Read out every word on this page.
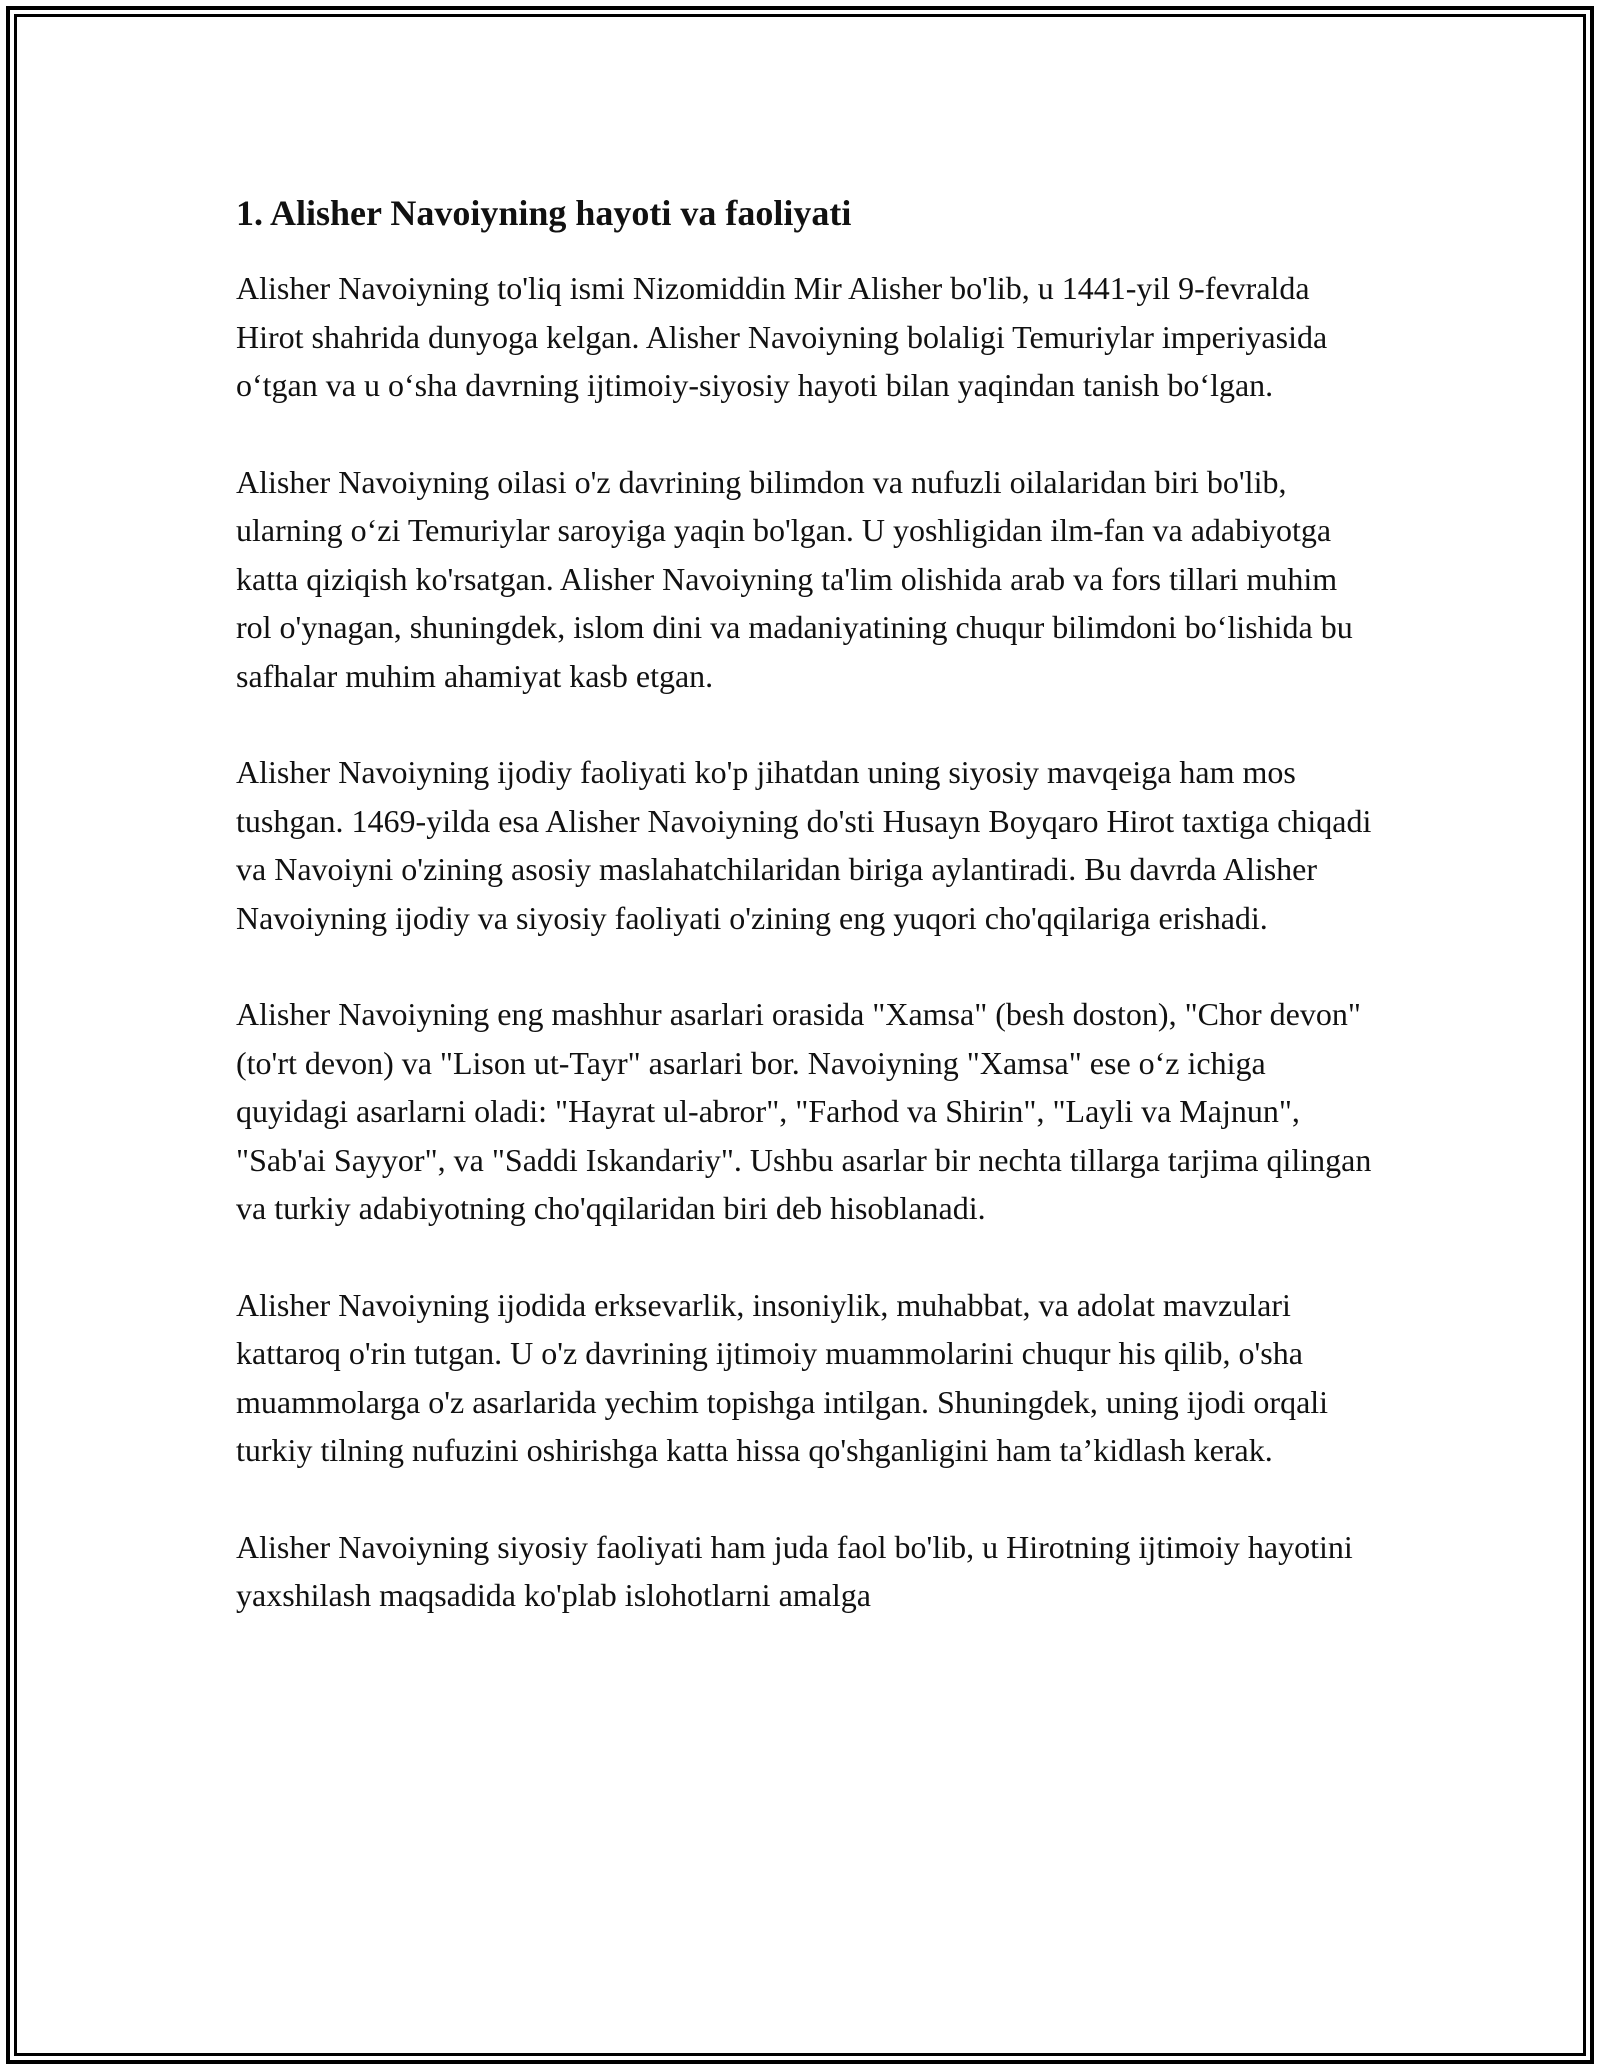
1. Alisher Navoiyning hayoti va faoliyati

Alisher Navoiyning to'liq ismi Nizomiddin Mir Alisher bo'lib, u 1441-yil 9-fevralda Hirot shahrida dunyoga kelgan. Alisher Navoiyning bolaligi Temuriylar imperiyasida o‘tgan va u o‘sha davrning ijtimoiy-siyosiy hayoti bilan yaqindan tanish bo‘lgan.

Alisher Navoiyning oilasi o'z davrining bilimdon va nufuzli oilalaridan biri bo'lib, ularning o‘zi Temuriylar saroyiga yaqin bo'lgan. U yoshligidan ilm-fan va adabiyotga katta qiziqish ko'rsatgan. Alisher Navoiyning ta'lim olishida arab va fors tillari muhim rol o'ynagan, shuningdek, islom dini va madaniyatining chuqur bilimdoni bo‘lishida bu safhalar muhim ahamiyat kasb etgan.

Alisher Navoiyning ijodiy faoliyati ko'p jihatdan uning siyosiy mavqeiga ham mos tushgan. 1469-yilda esa Alisher Navoiyning do'sti Husayn Boyqaro Hirot taxtiga chiqadi va Navoiyni o'zining asosiy maslahatchilaridan biriga aylantiradi. Bu davrda Alisher Navoiyning ijodiy va siyosiy faoliyati o'zining eng yuqori cho'qqilariga erishadi.

Alisher Navoiyning eng mashhur asarlari orasida "Xamsa" (besh doston), "Chor devon" (to'rt devon) va "Lison ut-Tayr" asarlari bor. Navoiyning "Xamsa" ese o‘z ichiga quyidagi asarlarni oladi: "Hayrat ul-abror", "Farhod va Shirin", "Layli va Majnun", "Sab'ai Sayyor", va "Saddi Iskandariy". Ushbu asarlar bir nechta tillarga tarjima qilingan va turkiy adabiyotning cho'qqilaridan biri deb hisoblanadi.

Alisher Navoiyning ijodida erksevarlik, insoniylik, muhabbat, va adolat mavzulari kattaroq o'rin tutgan. U o'z davrining ijtimoiy muammolarini chuqur his qilib, o'sha muammolarga o'z asarlarida yechim topishga intilgan. Shuningdek, uning ijodi orqali turkiy tilning nufuzini oshirishga katta hissa qo'shganligini ham ta’kidlash kerak.

Alisher Navoiyning siyosiy faoliyati ham juda faol bo'lib, u Hirotning ijtimoiy hayotini yaxshilash maqsadida ko'plab islohotlarni amalga
